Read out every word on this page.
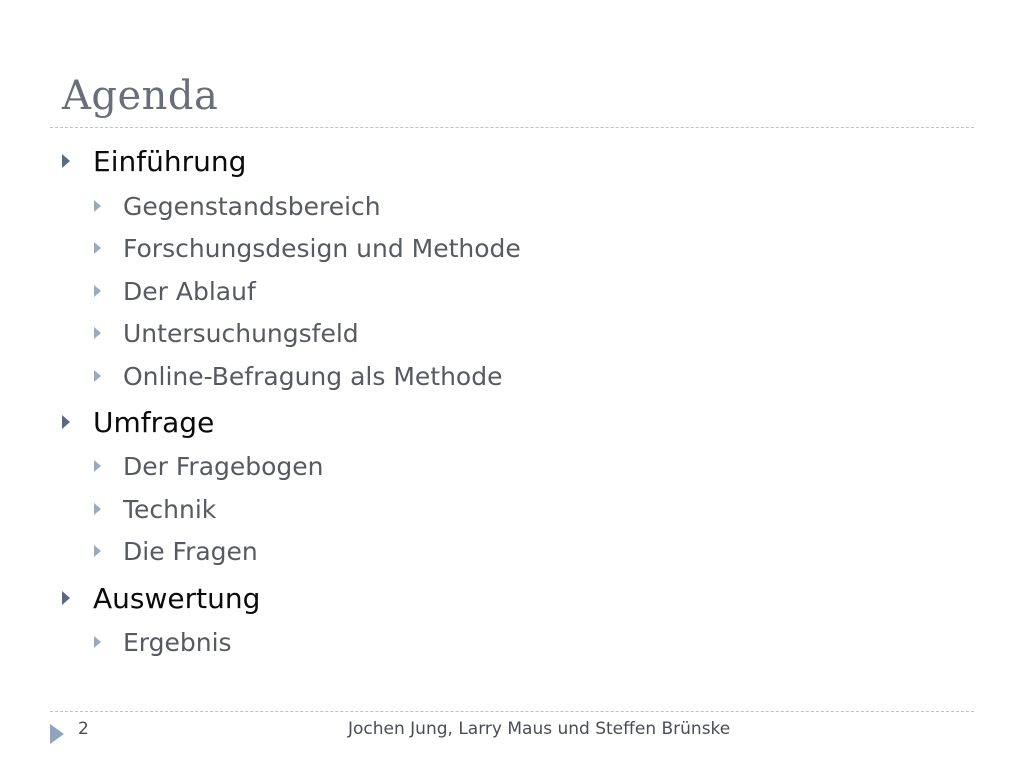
Agenda
Einführung
Gegenstandsbereich
Forschungsdesign und Methode
Der Ablauf
Untersuchungsfeld
Online-Befragung als Methode
Umfrage
Der Fragebogen
Technik
Die Fragen
Auswertung
Ergebnis
2	Jochen Jung, Larry Maus und Steffen Brünske
